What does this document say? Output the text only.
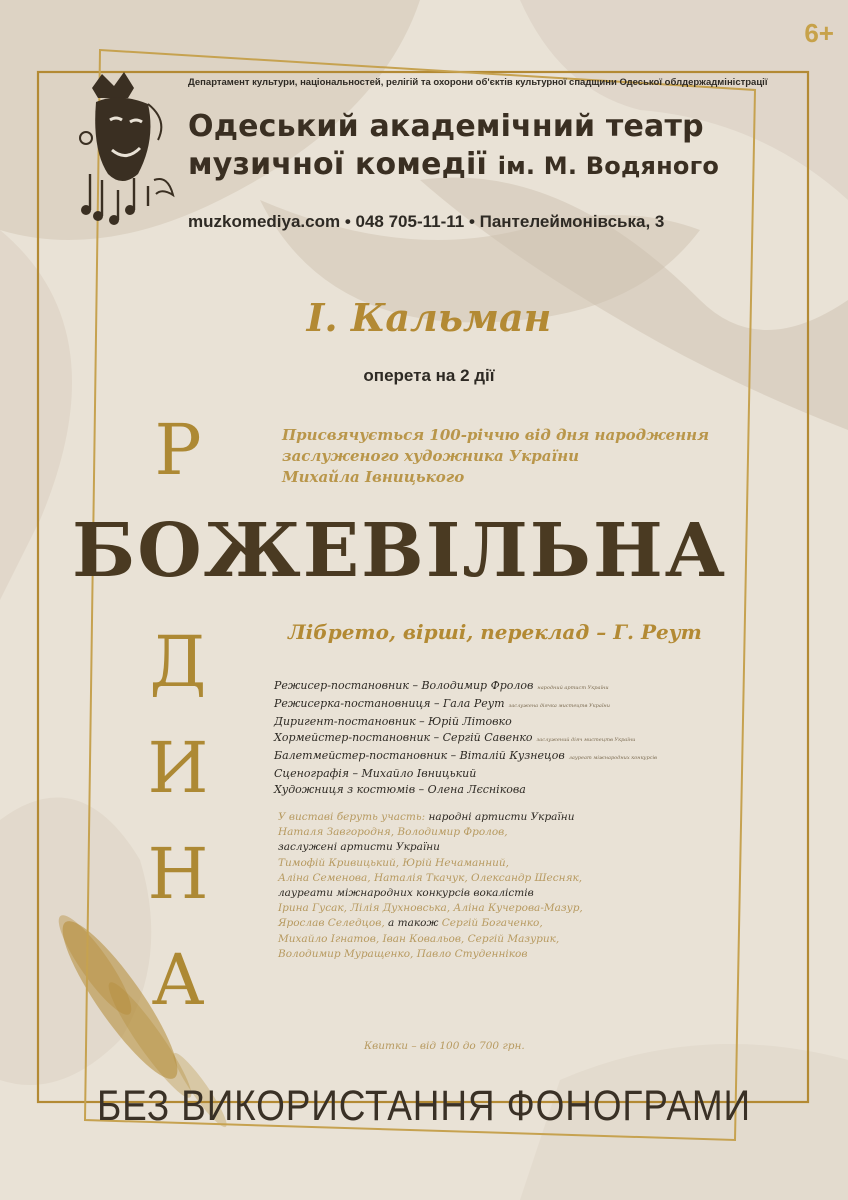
6+
Департамент культури, національностей, релігій та охорони об'єктів культурної спадщини Одеської облдержадміністрації
Одеський академічний театр
музичної комедії ім. М. Водяного
muzkomediya.com • 048 705-11-11 • Пантелеймонівська, 3
І. Кальман
оперета на 2 дії
Присвячується 100-річчю від дня народження
заслуженого художника України
Михайла Івницького
Р
Д
И
Н
А
БОЖЕВІЛЬНА
Лібрето, вірші, переклад – Г. Реут
Режисер-постановник – Володимир Фролов народний артист України
Режисерка-постановниця – Гала Реут заслужена діячка мистецтв України
Диригент-постановник – Юрій Літовко
Хормейстер-постановник – Сергій Савенко заслужений діяч мистецтв України
Балетмейстер-постановник – Віталій Кузнецов лауреат міжнародних конкурсів
Сценографія – Михайло Івницький
Художниця з костюмів – Олена Лєснікова
У виставі беруть участь: народні артисти України
Наталя Завгородня, Володимир Фролов,
заслужені артисти України
Тимофій Кривицький, Юрій Нечаманний,
Аліна Семенова, Наталія Ткачук, Олександр Шесняк,
лауреати міжнародних конкурсів вокалістів
Ірина Гусак, Лілія Духновська, Аліна Кучерова-Мазур,
Ярослав Селедцов, а також Сергій Богаченко,
Михайло Ігнатов, Іван Ковальов, Сергій Мазурик,
Володимир Муращенко, Павло Студенніков
Квитки – від 100 до 700 грн.
БЕЗ ВИКОРИСТАННЯ ФОНОГРАМИ
